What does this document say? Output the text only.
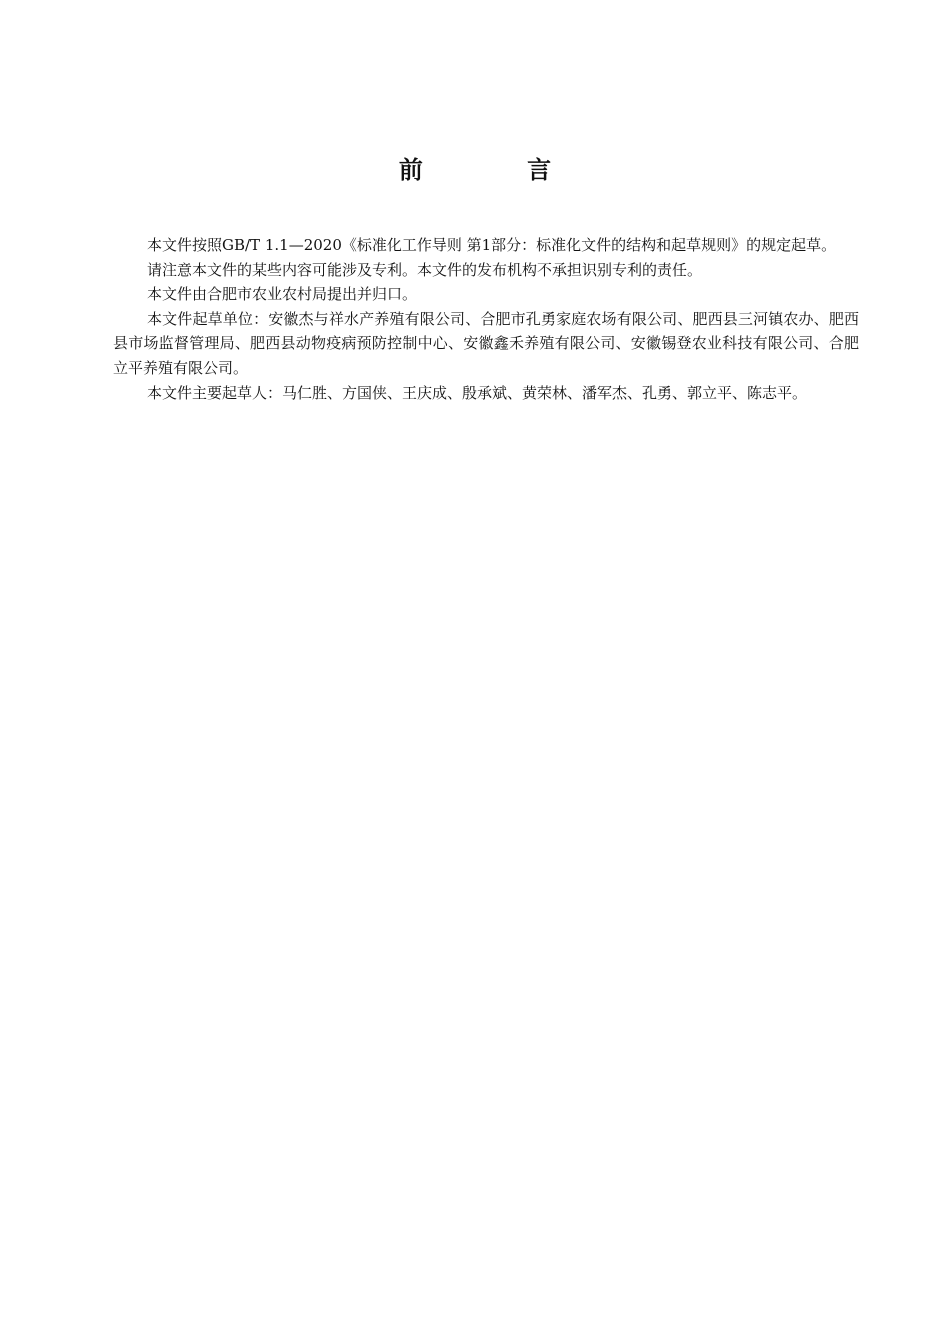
前 言

本文件按照GB/T 1.1—2020《标准化工作导则 第1部分：标准化文件的结构和起草规则》的规定起草。

请注意本文件的某些内容可能涉及专利。本文件的发布机构不承担识别专利的责任。

本文件由合肥市农业农村局提出并归口。

本文件起草单位：安徽杰与祥水产养殖有限公司、合肥市孔勇家庭农场有限公司、肥西县三河镇农办、肥西县市场监督管理局、肥西县动物疫病预防控制中心、安徽鑫禾养殖有限公司、安徽锡登农业科技有限公司、合肥立平养殖有限公司。

本文件主要起草人：马仁胜、方国侠、王庆成、殷承斌、黄荣林、潘军杰、孔勇、郭立平、陈志平。
